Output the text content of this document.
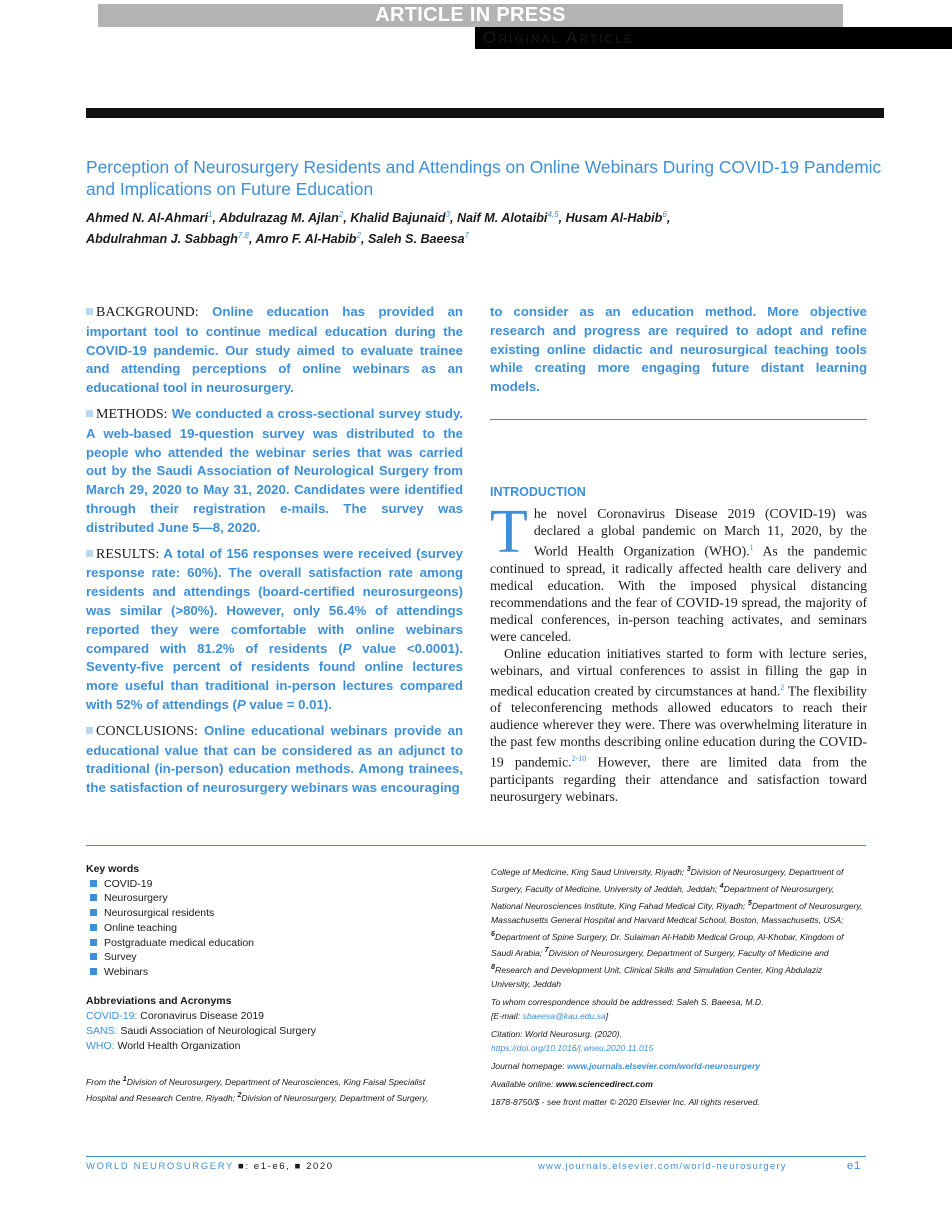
ARTICLE IN PRESS
Original Article
Perception of Neurosurgery Residents and Attendings on Online Webinars During COVID-19 Pandemic and Implications on Future Education
Ahmed N. Al-Ahmari$^1$, Abdulrazag M. Ajlan$^2$, Khalid Bajunaid$^3$, Naif M. Alotaibi$^{4,5}$, Husam Al-Habib$^6$,
Abdulrahman J. Sabbagh$^{7,8}$, Amro F. Al-Habib$^2$, Saleh S. Baeesa$^7$

BACKGROUND: Online education has provided an important tool to continue medical education during the COVID-19 pandemic. Our study aimed to evaluate trainee and attending perceptions of online webinars as an educational tool in neurosurgery.

METHODS: We conducted a cross-sectional survey study. A web-based 19-question survey was distributed to the people who attended the webinar series that was carried out by the Saudi Association of Neurological Surgery from March 29, 2020 to May 31, 2020. Candidates were identified through their registration e-mails. The survey was distributed June 5—8, 2020.

RESULTS: A total of 156 responses were received (survey response rate: 60%). The overall satisfaction rate among residents and attendings (board-certified neurosurgeons) was similar (>80%). However, only 56.4% of attendings reported they were comfortable with online webinars compared with 81.2% of residents (P value <0.0001). Seventy-five percent of residents found online lectures more useful than traditional in-person lectures compared with 52% of attendings (P value = 0.01).

CONCLUSIONS: Online educational webinars provide an educational value that can be considered as an adjunct to traditional (in-person) education methods. Among trainees, the satisfaction of neurosurgery webinars was encouraging

to consider as an education method. More objective research and progress are required to adopt and refine existing online didactic and neurosurgical teaching tools while creating more engaging future distant learning models.

INTRODUCTION

The novel Coronavirus Disease 2019 (COVID-19) was declared a global pandemic on March 11, 2020, by the World Health Organization (WHO).$^1$ As the pandemic continued to spread, it radically affected health care delivery and medical education. With the imposed physical distancing recommendations and the fear of COVID-19 spread, the majority of medical conferences, in-person teaching activates, and seminars were canceled.

Online education initiatives started to form with lecture series, webinars, and virtual conferences to assist in filling the gap in medical education created by circumstances at hand.$^2$ The flexibility of teleconferencing methods allowed educators to reach their audience wherever they were. There was overwhelming literature in the past few months describing online education during the COVID-19 pandemic.$^{2-10}$ However, there are limited data from the participants regarding their attendance and satisfaction toward neurosurgery webinars.

Key words
COVID-19
Neurosurgery
Neurosurgical residents
Online teaching
Postgraduate medical education
Survey
Webinars
Abbreviations and Acronyms
COVID-19: Coronavirus Disease 2019
SANS: Saudi Association of Neurological Surgery
WHO: World Health Organization
From the $^1$Division of Neurosurgery, Department of Neurosciences, King Faisal Specialist Hospital and Research Centre, Riyadh; $^2$Division of Neurosurgery, Department of Surgery,

College of Medicine, King Saud University, Riyadh; $^3$Division of Neurosurgery, Department of Surgery, Faculty of Medicine, University of Jeddah, Jeddah; $^4$Department of Neurosurgery, National Neurosciences Institute, King Fahad Medical City, Riyadh; $^5$Department of Neurosurgery, Massachusetts General Hospital and Harvard Medical School, Boston, Massachusetts, USA; $^6$Department of Spine Surgery, Dr. Sulaiman Al-Habib Medical Group, Al-Khobar, Kingdom of Saudi Arabia; $^7$Division of Neurosurgery, Department of Surgery, Faculty of Medicine and $^8$Research and Development Unit, Clinical Skills and Simulation Center, King Abdulaziz University, Jeddah

To whom correspondence should be addressed: Saleh S. Baeesa, M.D.
[E-mail: sbaeesa@kau.edu.sa]

Citation: World Neurosurg. (2020).
https://doi.org/10.1016/j.wneu.2020.11.015

Journal homepage: www.journals.elsevier.com/world-neurosurgery

Available online: www.sciencedirect.com

1878-8750/$ - see front matter © 2020 Elsevier Inc. All rights reserved.

WORLD NEUROSURGERY ■: e1-e6, ■ 2020	www.journals.elsevier.com/world-neurosurgery	e1
